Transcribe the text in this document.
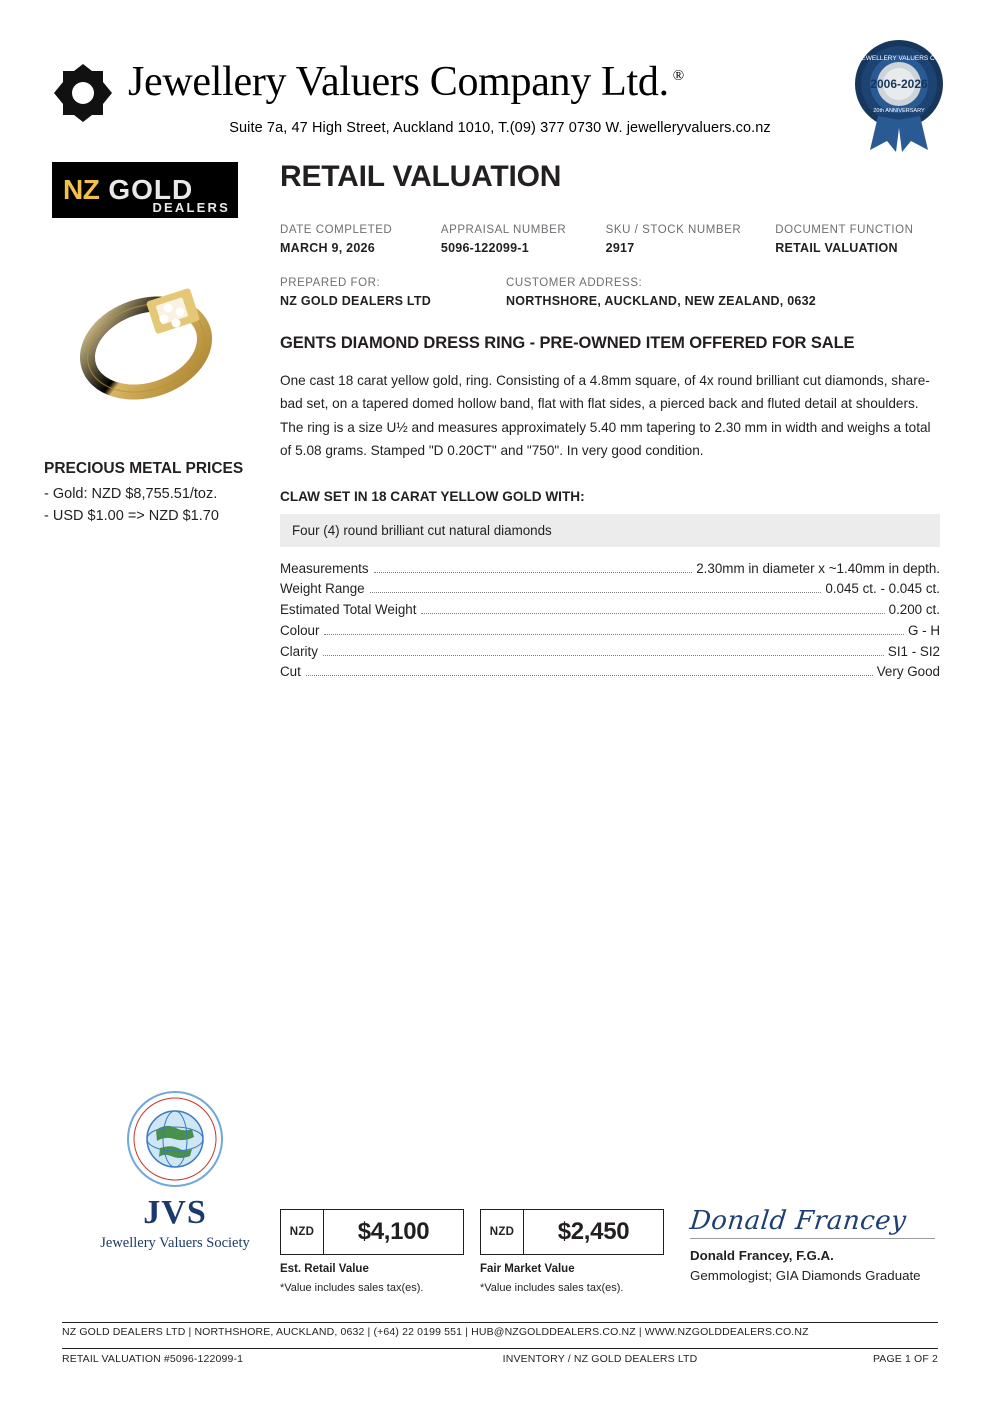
Jewellery Valuers Company Ltd. ®
Suite 7a, 47 High Street, Auckland 1010, T.(09) 377 0730 W. jewelleryvaluers.co.nz
JEWELLERY VALUERS CO
2006-2026
20th ANNIVERSARY
NZ GOLD
DEALERS
PRECIOUS METAL PRICES

- Gold: NZD $8,755.51/toz.

- USD $1.00 => NZD $1.70

RETAIL VALUATION
DATE COMPLETED
MARCH 9, 2026
APPRAISAL NUMBER
5096-122099-1
SKU / STOCK NUMBER
2917
DOCUMENT FUNCTION
RETAIL VALUATION
PREPARED FOR:
NZ GOLD DEALERS LTD
CUSTOMER ADDRESS:
NORTHSHORE, AUCKLAND, NEW ZEALAND, 0632
GENTS DIAMOND DRESS RING - PRE-OWNED ITEM OFFERED FOR SALE

One cast 18 carat yellow gold, ring. Consisting of a 4.8mm square, of 4x round brilliant cut diamonds, share-bad set, on a tapered domed hollow band, flat with flat sides, a pierced back and fluted detail at shoulders. The ring is a size U½ and measures approximately 5.40 mm tapering to 2.30 mm in width and weighs a total of 5.08 grams. Stamped "D 0.20CT" and "750". In very good condition.

CLAW SET IN 18 CARAT YELLOW GOLD WITH:
Four (4) round brilliant cut natural diamonds
Measurements	2.30mm in diameter x ~1.40mm in depth.
Weight Range	0.045 ct. - 0.045 ct.
Estimated Total Weight	0.200 ct.
Colour	G - H
Clarity	SI1 - SI2
Cut	Very Good
JVS
Jewellery Valuers Society
NZD	$4,100
Est. Retail Value
*Value includes sales tax(es).
NZD	$2,450
Fair Market Value
*Value includes sales tax(es).
Donald Francey
Donald Francey, F.G.A.
Gemmologist; GIA Diamonds Graduate
NZ GOLD DEALERS LTD | NORTHSHORE, AUCKLAND, 0632 | (+64) 22 0199 551 | HUB@NZGOLDDEALERS.CO.NZ | WWW.NZGOLDDEALERS.CO.NZ
RETAIL VALUATION #5096-122099-1	INVENTORY / NZ GOLD DEALERS LTD	PAGE 1 OF 2
